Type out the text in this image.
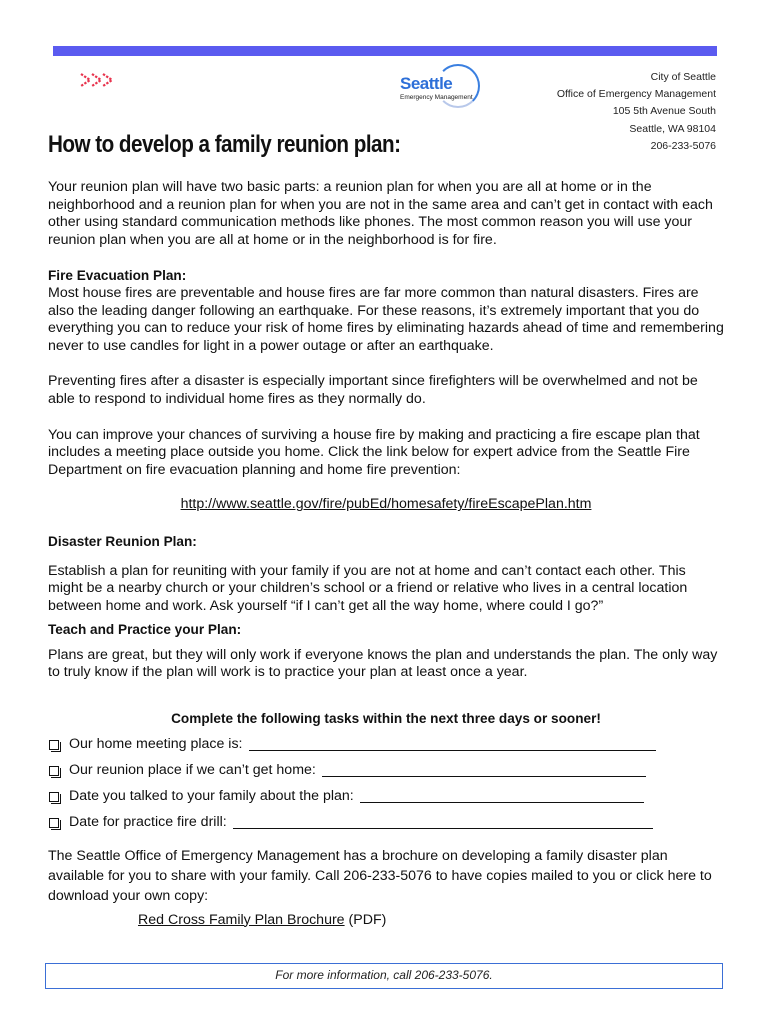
Seattle
Emergency Management
City of Seattle
Office of Emergency Management
105 5th Avenue South
Seattle, WA 98104
206-233-5076
How to develop a family reunion plan:

Your reunion plan will have two basic parts: a reunion plan for when you are all at home or in the neighborhood and a reunion plan for when you are not in the same area and can’t get in contact with each other using standard communication methods like phones. The most common reason you will use your reunion plan when you are all at home or in the neighborhood is for fire.

Fire Evacuation Plan:

Most house fires are preventable and house fires are far more common than natural disasters. Fires are also the leading danger following an earthquake. For these reasons, it’s extremely important that you do everything you can to reduce your risk of home fires by eliminating hazards ahead of time and remembering never to use candles for light in a power outage or after an earthquake.

Preventing fires after a disaster is especially important since firefighters will be overwhelmed and not be able to respond to individual home fires as they normally do.

You can improve your chances of surviving a house fire by making and practicing a fire escape plan that includes a meeting place outside you home. Click the link below for expert advice from the Seattle Fire Department on fire evacuation planning and home fire prevention:

http://www.seattle.gov/fire/pubEd/homesafety/fireEscapePlan.htm

Disaster Reunion Plan:

Establish a plan for reuniting with your family if you are not at home and can’t contact each other. This might be a nearby church or your children’s school or a friend or relative who lives in a central location between home and work. Ask yourself “if I can’t get all the way home, where could I go?”

Teach and Practice your Plan:

Plans are great, but they will only work if everyone knows the plan and understands the plan. The only way to truly know if the plan will work is to practice your plan at least once a year.

Complete the following tasks within the next three days or sooner!

Our home meeting place is:
Our reunion place if we can’t get home:
Date you talked to your family about the plan:
Date for practice fire drill:

The Seattle Office of Emergency Management has a brochure on developing a family disaster plan available for you to share with your family. Call 206-233-5076 to have copies mailed to you or click here to download your own copy:

Red Cross Family Plan Brochure (PDF)

For more information, call 206-233-5076.
